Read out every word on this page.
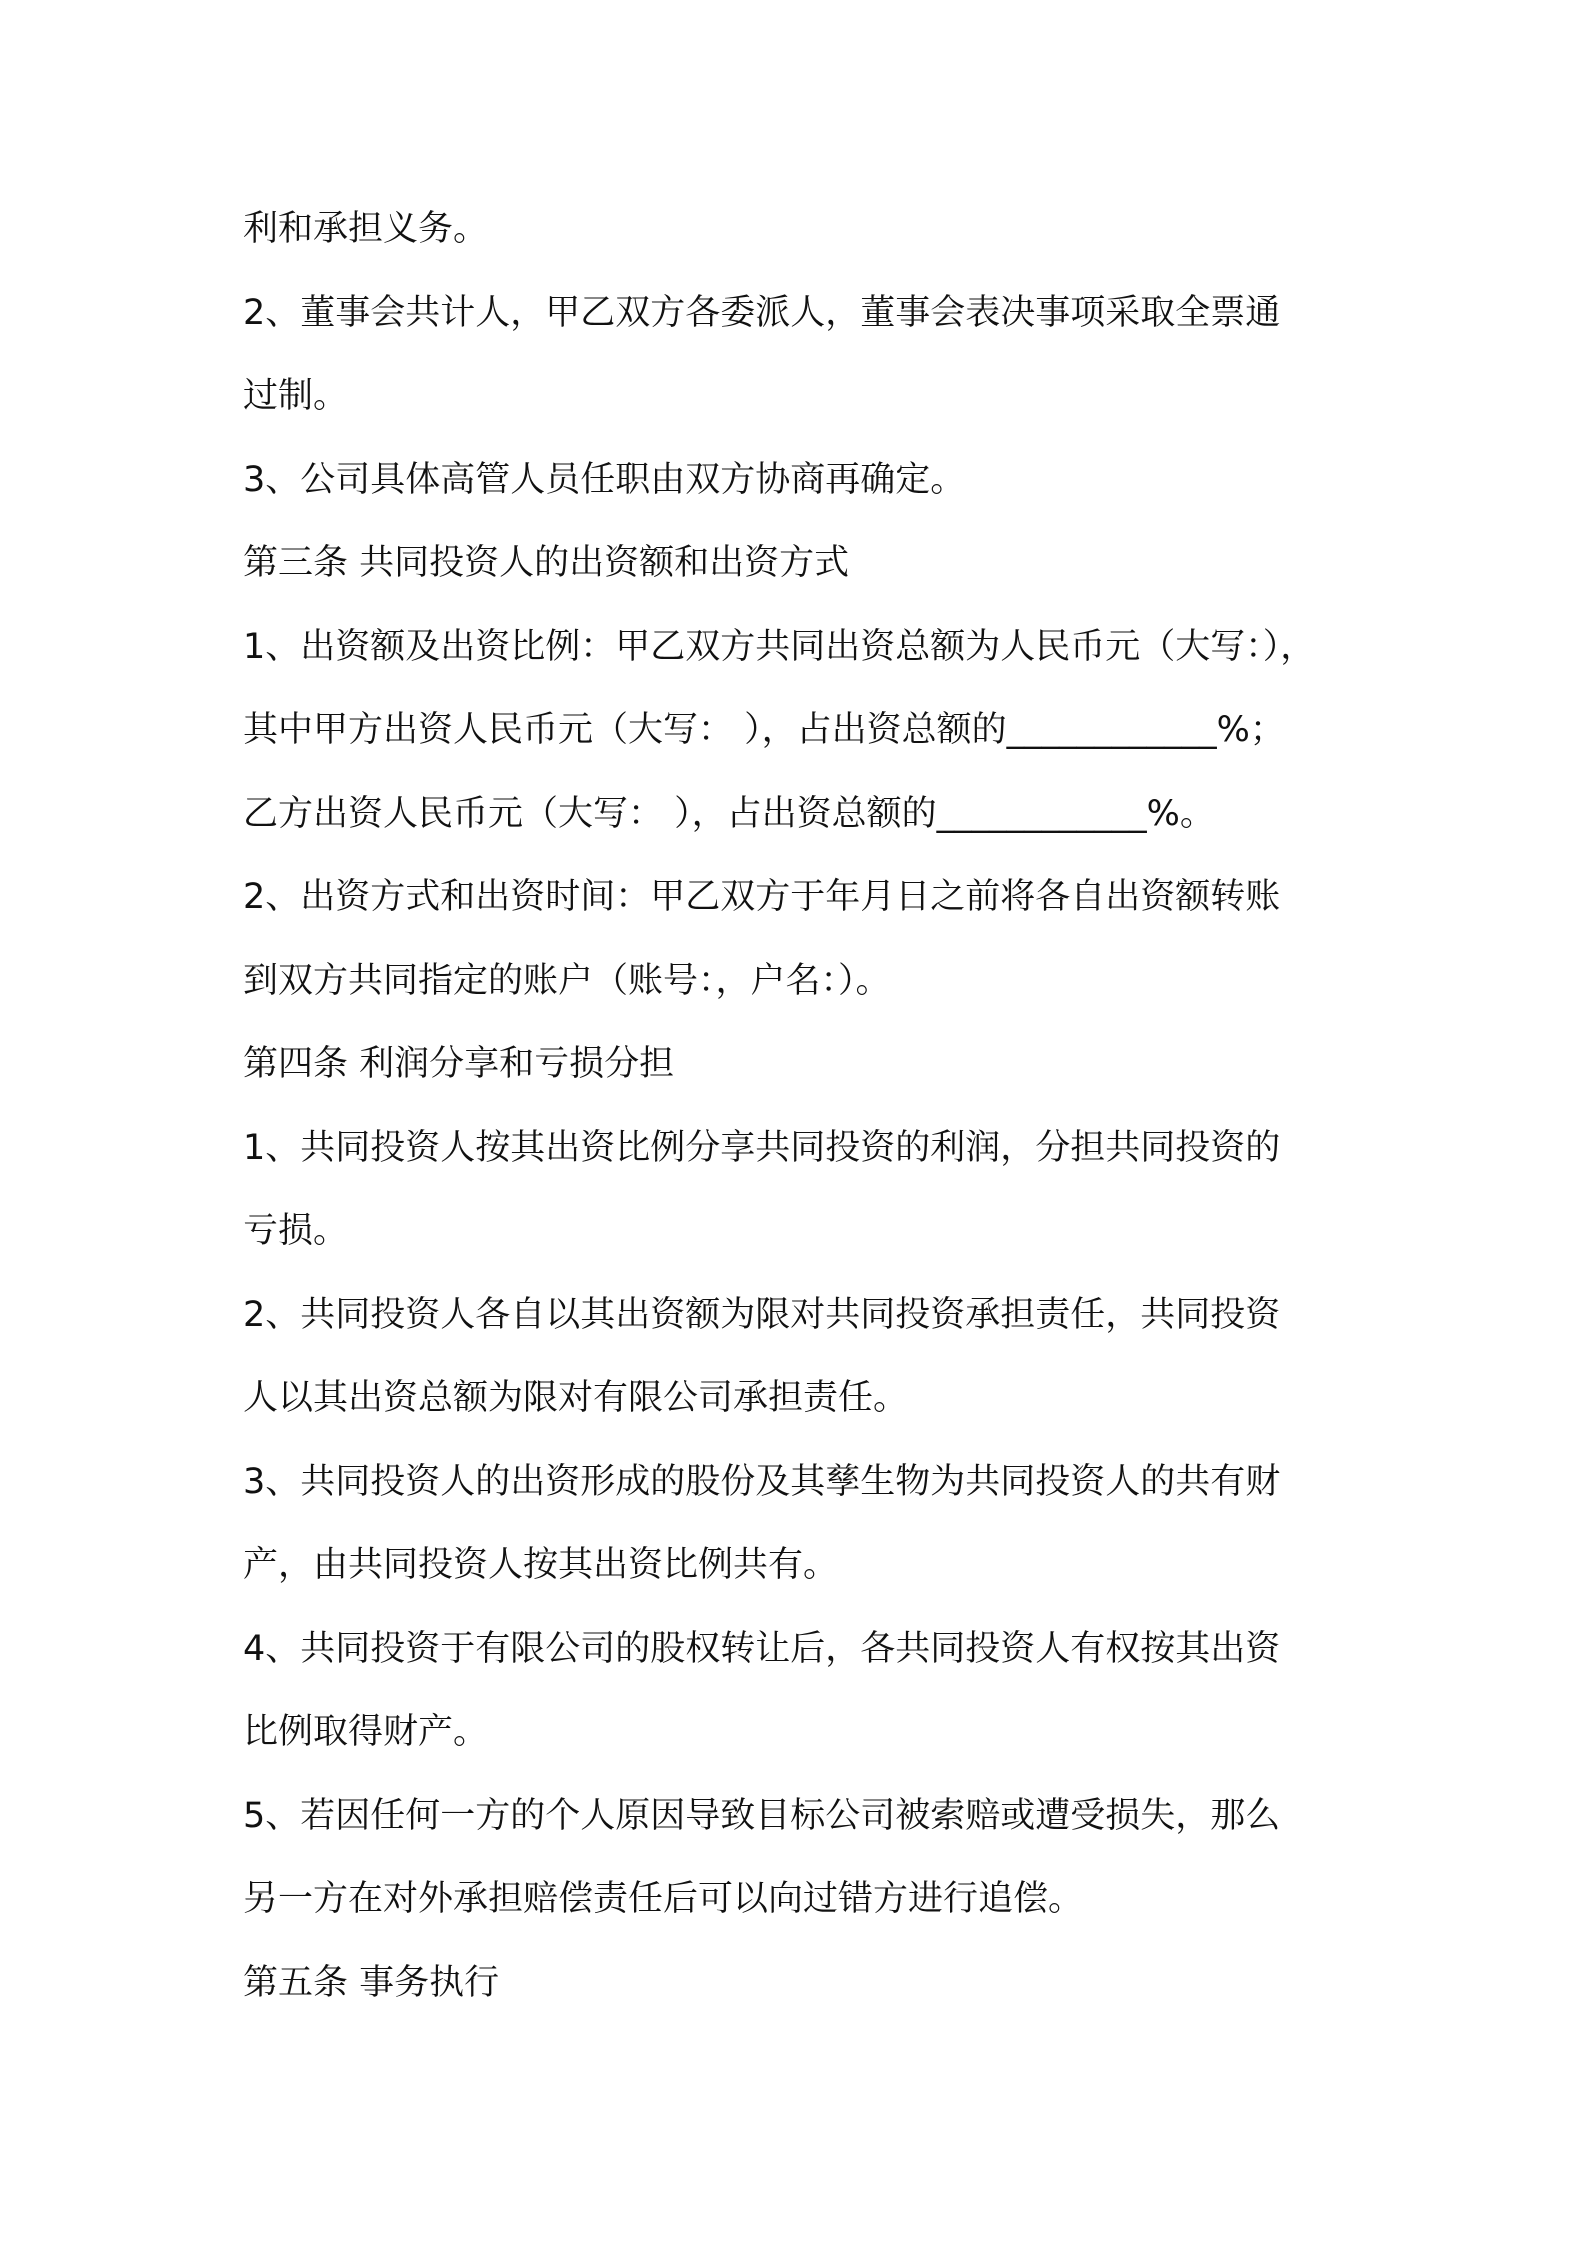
利和承担义务。
2、董事会共计人，甲乙双方各委派人，董事会表决事项采取全票通
过制。
3、公司具体高管人员任职由双方协商再确定。
第三条 共同投资人的出资额和出资方式
1、出资额及出资比例：甲乙双方共同出资总额为人民币元（大写：），
其中甲方出资人民币元（大写： ），占出资总额的____________%；
乙方出资人民币元（大写： ），占出资总额的____________%。
2、出资方式和出资时间：甲乙双方于年月日之前将各自出资额转账
到双方共同指定的账户（账号：，户名：）。
第四条 利润分享和亏损分担
1、共同投资人按其出资比例分享共同投资的利润，分担共同投资的
亏损。
2、共同投资人各自以其出资额为限对共同投资承担责任，共同投资
人以其出资总额为限对有限公司承担责任。
3、共同投资人的出资形成的股份及其孳生物为共同投资人的共有财
产，由共同投资人按其出资比例共有。
4、共同投资于有限公司的股权转让后，各共同投资人有权按其出资
比例取得财产。
5、若因任何一方的个人原因导致目标公司被索赔或遭受损失，那么
另一方在对外承担赔偿责任后可以向过错方进行追偿。
第五条 事务执行
